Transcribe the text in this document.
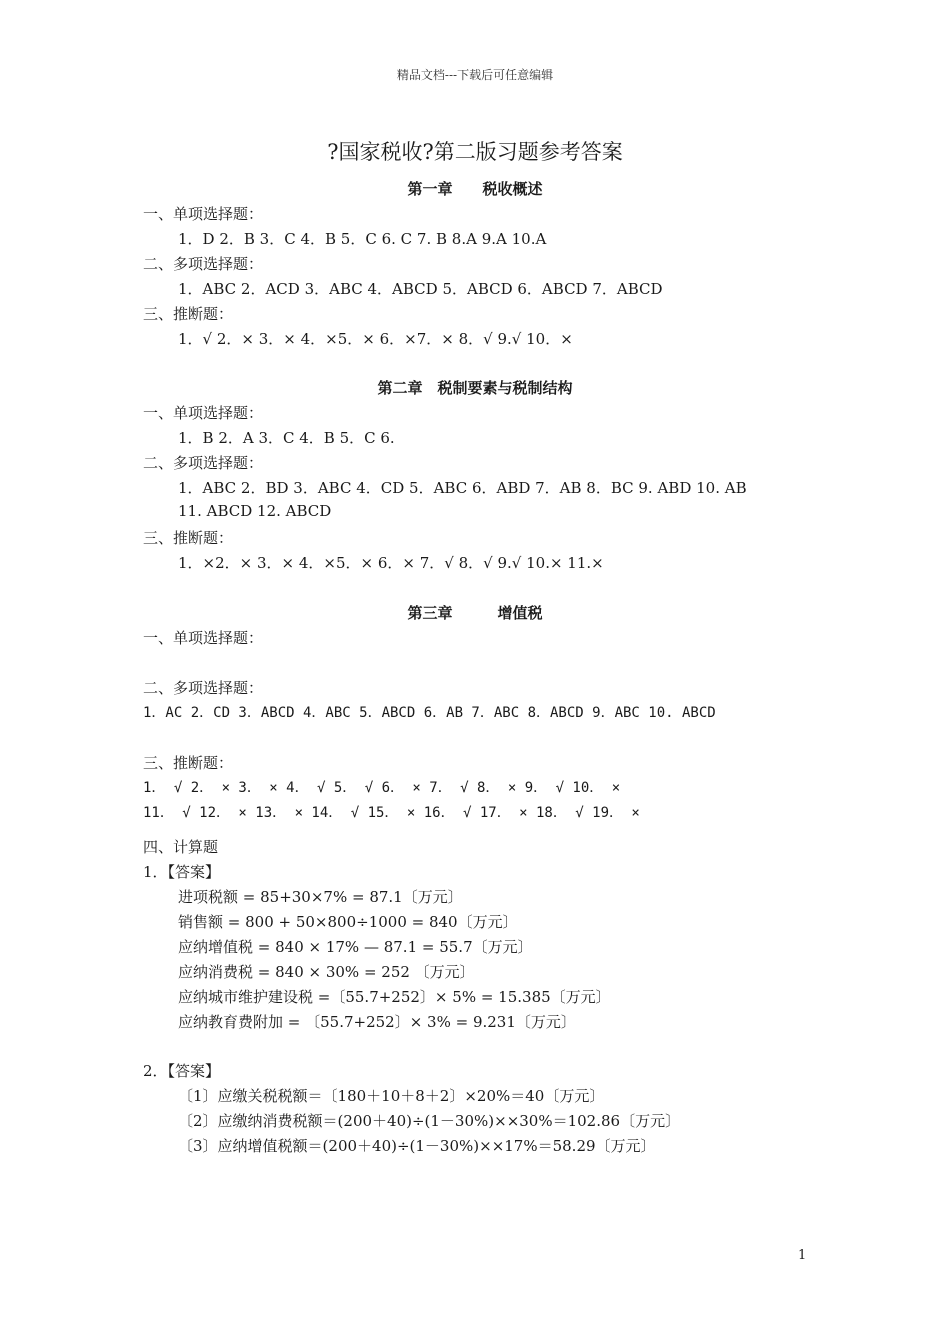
精品文档---下载后可任意编辑
?国家税收?第二版习题参考答案
第一章　　税收概述
一、单项选择题：
1．D 2．B 3．C 4．B 5．C 6. C 7. B 8.A 9.A 10.A
二、多项选择题：
1．ABC 2．ACD 3．ABC 4．ABCD 5．ABCD 6．ABCD 7．ABCD
三、推断题：
1．√ 2．× 3．× 4．×5．× 6．×7．× 8．√ 9.√ 10．×
第二章　税制要素与税制结构
一、单项选择题：
1．B 2．A 3．C 4．B 5．C 6.
二、多项选择题：
1．ABC 2．BD 3．ABC 4．CD 5．ABC 6．ABD 7．AB 8．BC 9. ABD 10. AB
11. ABCD 12. ABCD
三、推断题：
1．×2．× 3．× 4．×5．× 6．× 7．√ 8．√ 9.√ 10.× 11.×
第三章　　　增值税
一、单项选择题：
二、多项选择题：
1．AC 2．CD 3．ABCD 4．ABC 5．ABCD 6．AB 7．ABC 8．ABCD 9．ABC 10. ABCD
三、推断题：
1． √ 2． × 3． × 4． √ 5． √ 6． × 7． √ 8． × 9． √ 10． ×
11． √ 12． × 13． × 14． √ 15． × 16． √ 17． × 18． √ 19． ×
四、计算题
1．【答案】
进项税额 = 85+30×7% = 87.1〔万元〕
销售额 = 800 + 50×800÷1000 = 840〔万元〕
应纳增值税 = 840 × 17% — 87.1 = 55.7〔万元〕
应纳消费税 = 840 × 30% = 252 〔万元〕
应纳城市维护建设税 =〔55.7+252〕× 5% = 15.385〔万元〕
应纳教育费附加 = 〔55.7+252〕× 3% = 9.231〔万元〕
2．【答案】
〔1〕应缴关税税额＝〔180＋10＋8＋2〕×20%＝40〔万元〕
〔2〕应缴纳消费税额＝(200＋40)÷(1－30%)××30%＝102.86〔万元〕
〔3〕应纳增值税额＝(200＋40)÷(1－30%)××17%＝58.29〔万元〕
1
